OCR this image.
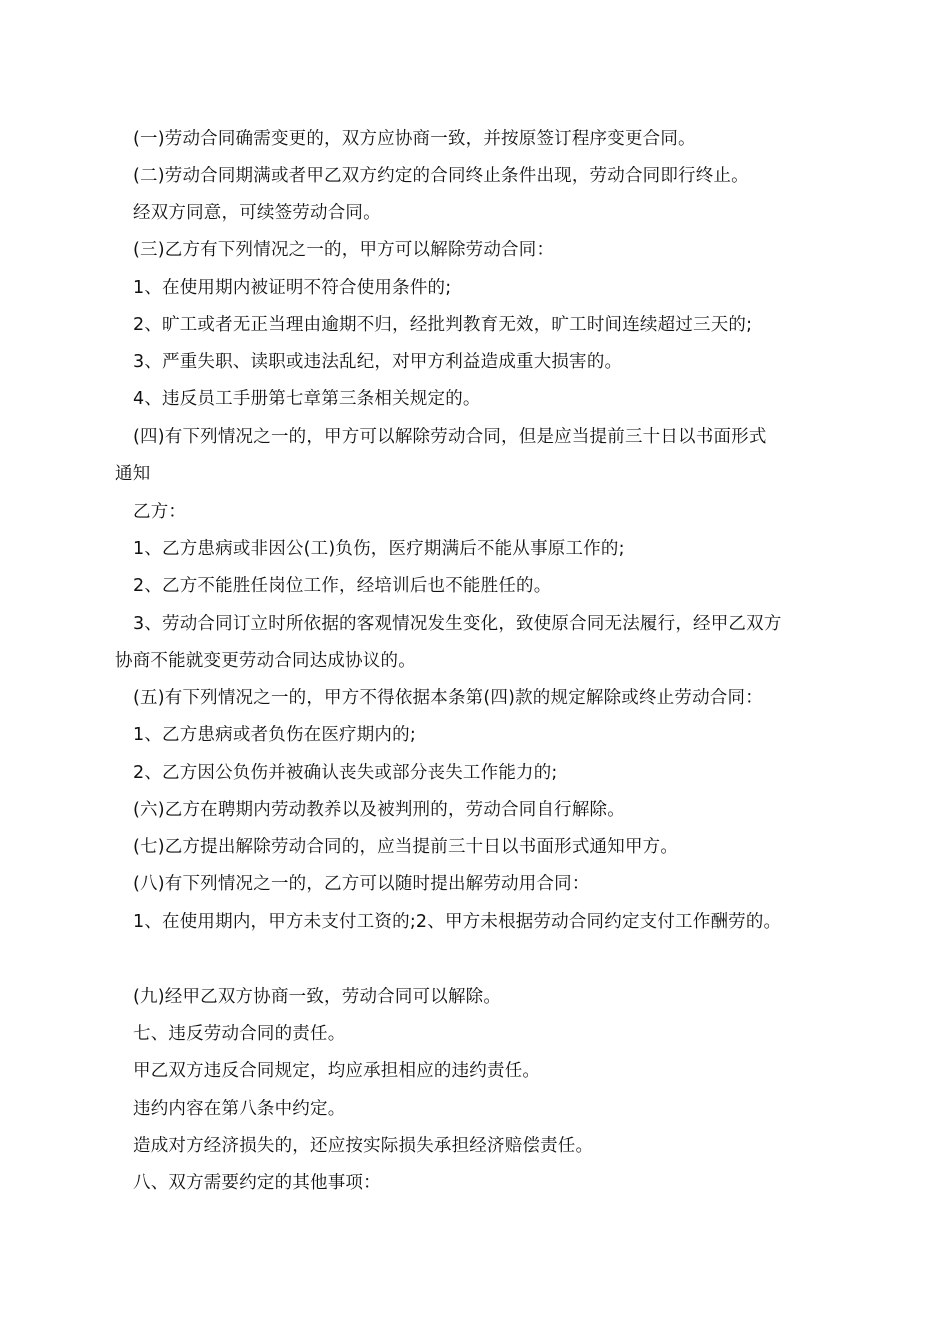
(一)劳动合同确需变更的，双方应协商一致，并按原签订程序变更合同。
(二)劳动合同期满或者甲乙双方约定的合同终止条件出现，劳动合同即行终止。
经双方同意，可续签劳动合同。
(三)乙方有下列情况之一的，甲方可以解除劳动合同：
1、在使用期内被证明不符合使用条件的;
2、旷工或者无正当理由逾期不归，经批判教育无效，旷工时间连续超过三天的;
3、严重失职、读职或违法乱纪，对甲方利益造成重大损害的。
4、违反员工手册第七章第三条相关规定的。
(四)有下列情况之一的，甲方可以解除劳动合同，但是应当提前三十日以书面形式
通知
乙方：
1、乙方患病或非因公(工)负伤，医疗期满后不能从事原工作的;
2、乙方不能胜任岗位工作，经培训后也不能胜任的。
3、劳动合同订立时所依据的客观情况发生变化，致使原合同无法履行，经甲乙双方
协商不能就变更劳动合同达成协议的。
(五)有下列情况之一的，甲方不得依据本条第(四)款的规定解除或终止劳动合同：
1、乙方患病或者负伤在医疗期内的;
2、乙方因公负伤并被确认丧失或部分丧失工作能力的;
(六)乙方在聘期内劳动教养以及被判刑的，劳动合同自行解除。
(七)乙方提出解除劳动合同的，应当提前三十日以书面形式通知甲方。
(八)有下列情况之一的，乙方可以随时提出解劳动用合同：
1、在使用期内，甲方未支付工资的;2、甲方未根据劳动合同约定支付工作酬劳的。
(九)经甲乙双方协商一致，劳动合同可以解除。
七、违反劳动合同的责任。
甲乙双方违反合同规定，均应承担相应的违约责任。
违约内容在第八条中约定。
造成对方经济损失的，还应按实际损失承担经济赔偿责任。
八、双方需要约定的其他事项：
